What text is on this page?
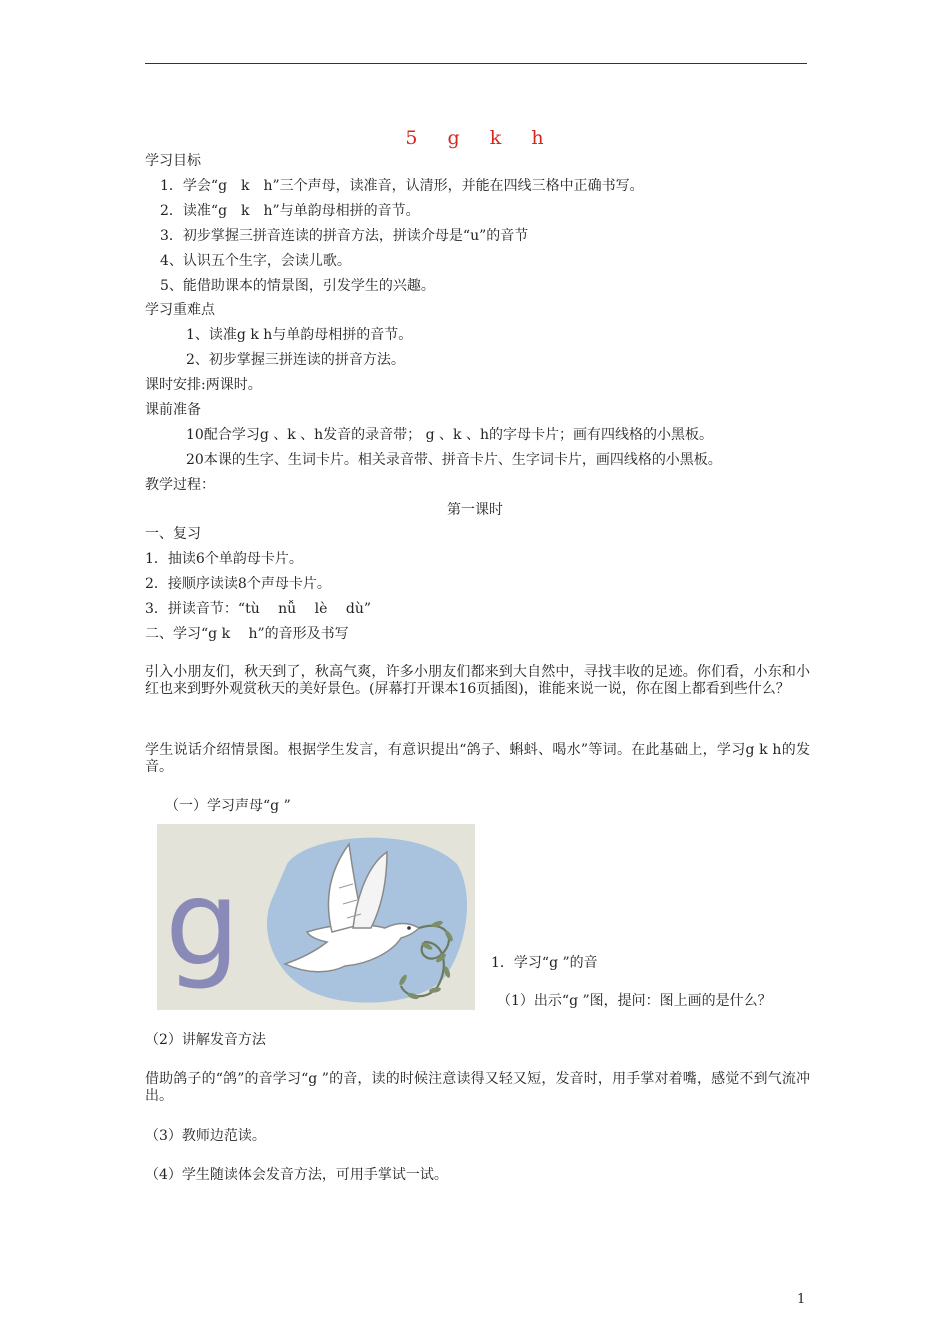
5 g k h
学习目标
1．学会“g　k　h”三个声母，读准音，认清形，并能在四线三格中正确书写。
2．读准“g　k　h”与单韵母相拼的音节。
3．初步掌握三拼音连读的拼音方法，拼读介母是“u”的音节
4、认识五个生字，会读儿歌。
5、能借助课本的情景图，引发学生的兴趣。
学习重难点
1、读准g k h与单韵母相拼的音节。
2、初步掌握三拼连读的拼音方法。
课时安排:两课时。
课前准备
10配合学习g 、k 、h发音的录音带； g 、k 、h的字母卡片；画有四线格的小黑板。
20本课的生字、生词卡片。相关录音带、拼音卡片、生字词卡片，画四线格的小黑板。
教学过程：
一、复习
1．抽读6个单韵母卡片。
2．接顺序读读8个声母卡片。
3．拼读音节：“tù　 nǚ　 lè　 dù”
二、学习“g k　 h”的音形及书写
（一）学习声母“g ”
1．学习“g ”的音
（1）出示“g ”图，提问：图上画的是什么？
（2）讲解发音方法
（3）教师边范读。
（4）学生随读体会发音方法，可用手掌试一试。
第一课时
引入小朋友们，秋天到了，秋高气爽，许多小朋友们都来到大自然中，寻找丰收的足迹。你们看，小东和小红也来到野外观赏秋天的美好景色。(屏幕打开课本16页插图)，谁能来说一说，你在图上都看到些什么？
学生说话介绍情景图。根据学生发言，有意识提出“鸽子、蝌蚪、喝水”等词。在此基础上，学习g k h的发音。
借助鸽子的“鸽”的音学习“g ”的音，读的时候注意读得又轻又短，发音时，用手掌对着嘴，感觉不到气流冲出。
g
1
